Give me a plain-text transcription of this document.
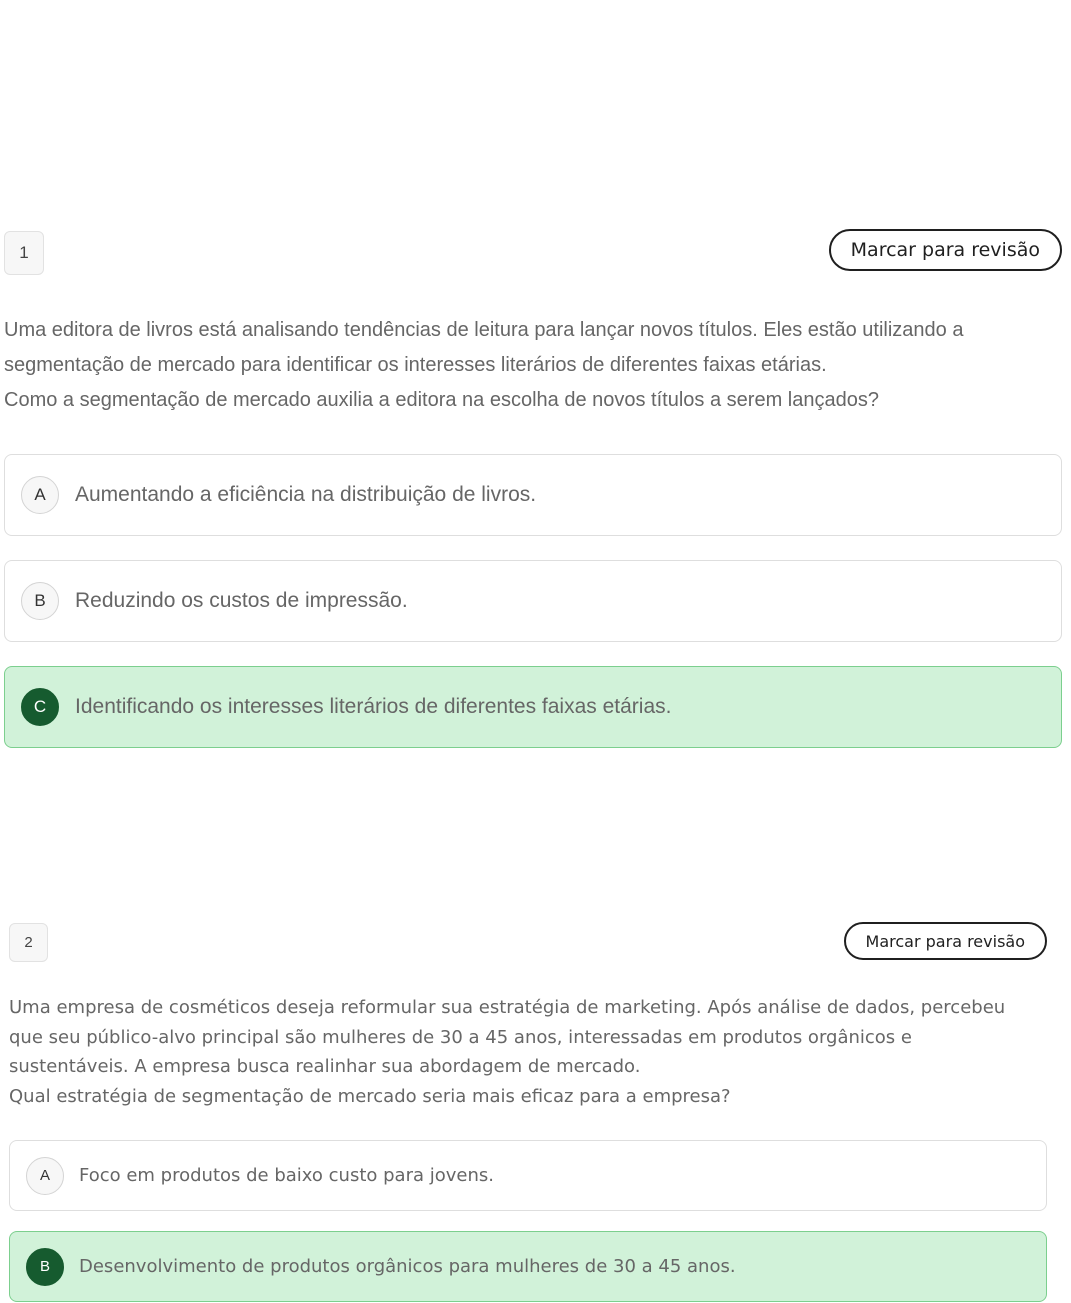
1	Marcar para revisão
Uma editora de livros está analisando tendências de leitura para lançar novos títulos. Eles estão utilizando a
segmentação de mercado para identificar os interesses literários de diferentes faixas etárias.
Como a segmentação de mercado auxilia a editora na escolha de novos títulos a serem lançados?
A	Aumentando a eficiência na distribuição de livros.
B	Reduzindo os custos de impressão.
C	Identificando os interesses literários de diferentes faixas etárias.
2	Marcar para revisão
Uma empresa de cosméticos deseja reformular sua estratégia de marketing. Após análise de dados, percebeu
que seu público-alvo principal são mulheres de 30 a 45 anos, interessadas em produtos orgânicos e
sustentáveis. A empresa busca realinhar sua abordagem de mercado.
Qual estratégia de segmentação de mercado seria mais eficaz para a empresa?
A	Foco em produtos de baixo custo para jovens.
B	Desenvolvimento de produtos orgânicos para mulheres de 30 a 45 anos.
